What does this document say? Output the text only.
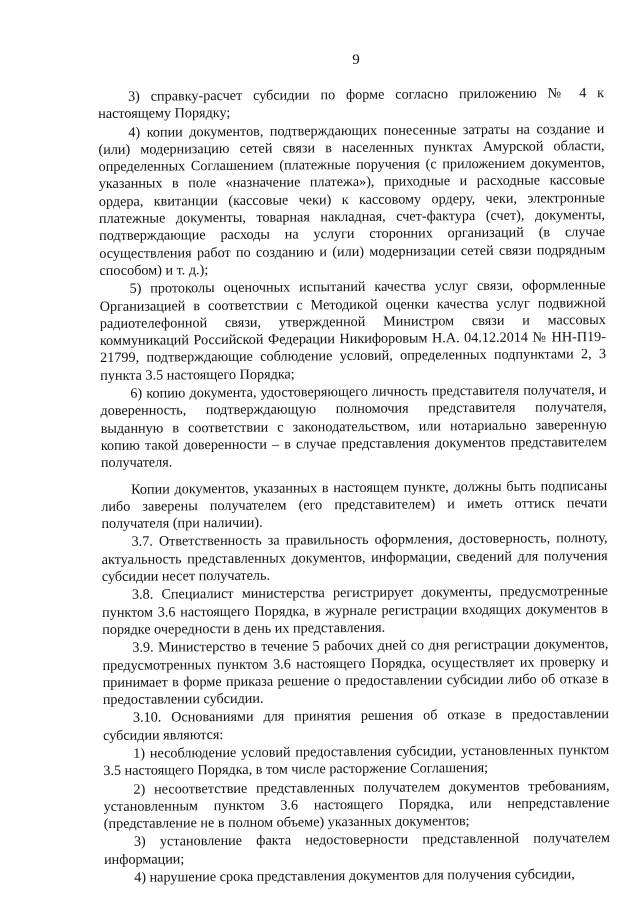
9

3) справку-расчет субсидии по форме согласно приложению № 4 к настоящему Порядку;

4) копии документов, подтверждающих понесенные затраты на создание и (или) модернизацию сетей связи в населенных пунктах Амурской области, определенных Соглашением (платежные поручения (с приложением документов, указанных в поле «назначение платежа»), приходные и расходные кассовые ордера, квитанции (кассовые чеки) к кассовому ордеру, чеки, электронные платежные документы, товарная накладная, счет-фактура (счет), документы, подтверждающие расходы на услуги сторонних организаций (в случае осуществления работ по созданию и (или) модернизации сетей связи подрядным способом) и т. д.);

5) протоколы оценочных испытаний качества услуг связи, оформленные Организацией в соответствии с Методикой оценки качества услуг подвижной радиотелефонной связи, утвержденной Министром связи и массовых коммуникаций Российской Федерации Никифоровым Н.А. 04.12.2014 № НН-П19-21799, подтверждающие соблюдение условий, определенных подпунктами 2, 3 пункта 3.5 настоящего Порядка;

6) копию документа, удостоверяющего личность представителя получателя, и доверенность, подтверждающую полномочия представителя получателя, выданную в соответствии с законодательством, или нотариально заверенную копию такой доверенности – в случае представления документов представителем получателя.

Копии документов, указанных в настоящем пункте, должны быть подписаны либо заверены получателем (его представителем) и иметь оттиск печати получателя (при наличии).

3.7. Ответственность за правильность оформления, достоверность, полноту, актуальность представленных документов, информации, сведений для получения субсидии несет получатель.

3.8. Специалист министерства регистрирует документы, предусмотренные пунктом 3.6 настоящего Порядка, в журнале регистрации входящих документов в порядке очередности в день их представления.

3.9. Министерство в течение 5 рабочих дней со дня регистрации документов, предусмотренных пунктом 3.6 настоящего Порядка, осуществляет их проверку и принимает в форме приказа решение о предоставлении субсидии либо об отказе в предоставлении субсидии.

3.10. Основаниями для принятия решения об отказе в предоставлении субсидии являются:

1) несоблюдение условий предоставления субсидии, установленных пунктом 3.5 настоящего Порядка, в том числе расторжение Соглашения;

2) несоответствие представленных получателем документов требованиям, установленным пунктом 3.6 настоящего Порядка, или непредставление (представление не в полном объеме) указанных документов;

3) установление факта недостоверности представленной получателем информации;

4) нарушение срока представления документов для получения субсидии,
